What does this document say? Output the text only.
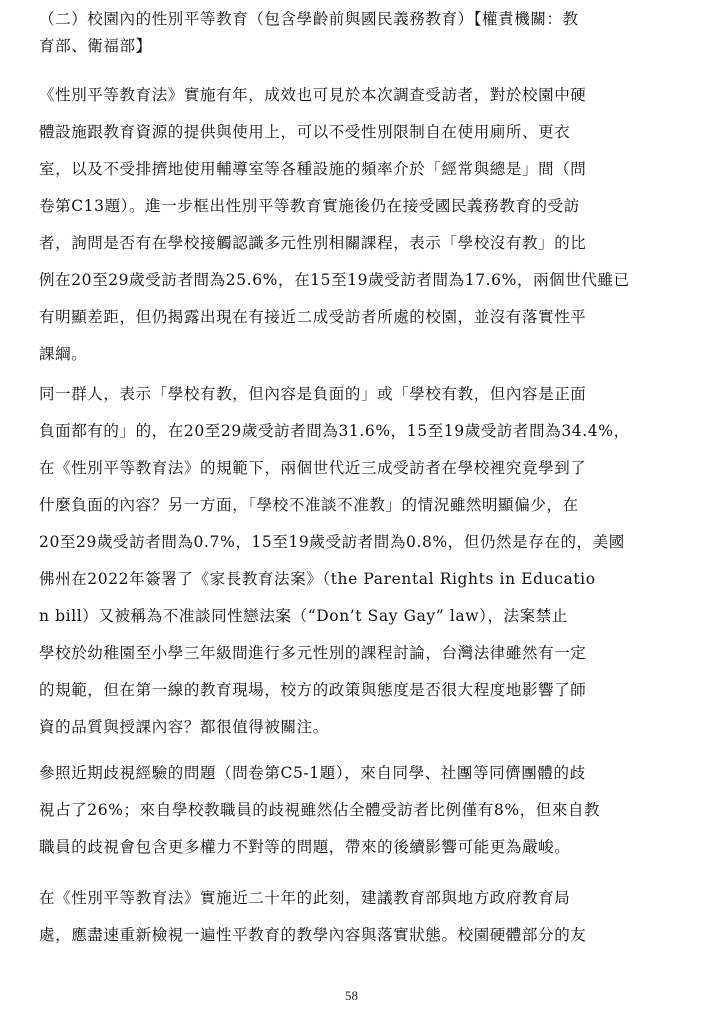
（二）校園內的性別平等教育（包含學齡前與國民義務教育）【權責機關：教
育部、衛福部】
《性別平等教育法》實施有年，成效也可見於本次調查受訪者，對於校園中硬
體設施跟教育資源的提供與使用上，可以不受性別限制自在使用廁所、更衣
室，以及不受排擠地使用輔導室等各種設施的頻率介於「經常與總是」間（問
卷第C13題）。進一步框出性別平等教育實施後仍在接受國民義務教育的受訪
者，詢問是否有在學校接觸認識多元性別相關課程，表示「學校沒有教」的比
例在20至29歲受訪者間為25.6%，在15至19歲受訪者間為17.6%，兩個世代雖已
有明顯差距，但仍揭露出現在有接近二成受訪者所處的校園，並沒有落實性平
課綱。
同一群人，表示「學校有教，但內容是負面的」或「學校有教，但內容是正面
負面都有的」的，在20至29歲受訪者間為31.6%，15至19歲受訪者間為34.4%，
在《性別平等教育法》的規範下，兩個世代近三成受訪者在學校裡究竟學到了
什麼負面的內容？另一方面，「學校不准談不准教」的情況雖然明顯偏少，在
20至29歲受訪者間為0.7%，15至19歲受訪者間為0.8%，但仍然是存在的，美國
佛州在2022年簽署了《家長教育法案》（the Parental Rights in Educatio
n bill）又被稱為不准談同性戀法案（“Don’t Say Gay” law），法案禁止
學校於幼稚園至小學三年級間進行多元性別的課程討論，台灣法律雖然有一定
的規範，但在第一線的教育現場，校方的政策與態度是否很大程度地影響了師
資的品質與授課內容？都很值得被關注。
參照近期歧視經驗的問題（問卷第C5-1題），來自同學、社團等同儕團體的歧
視占了26%；來自學校教職員的歧視雖然佔全體受訪者比例僅有8%，但來自教
職員的歧視會包含更多權力不對等的問題，帶來的後續影響可能更為嚴峻。
在《性別平等教育法》實施近二十年的此刻，建議教育部與地方政府教育局
處，應盡速重新檢視一遍性平教育的教學內容與落實狀態。校園硬體部分的友
58
